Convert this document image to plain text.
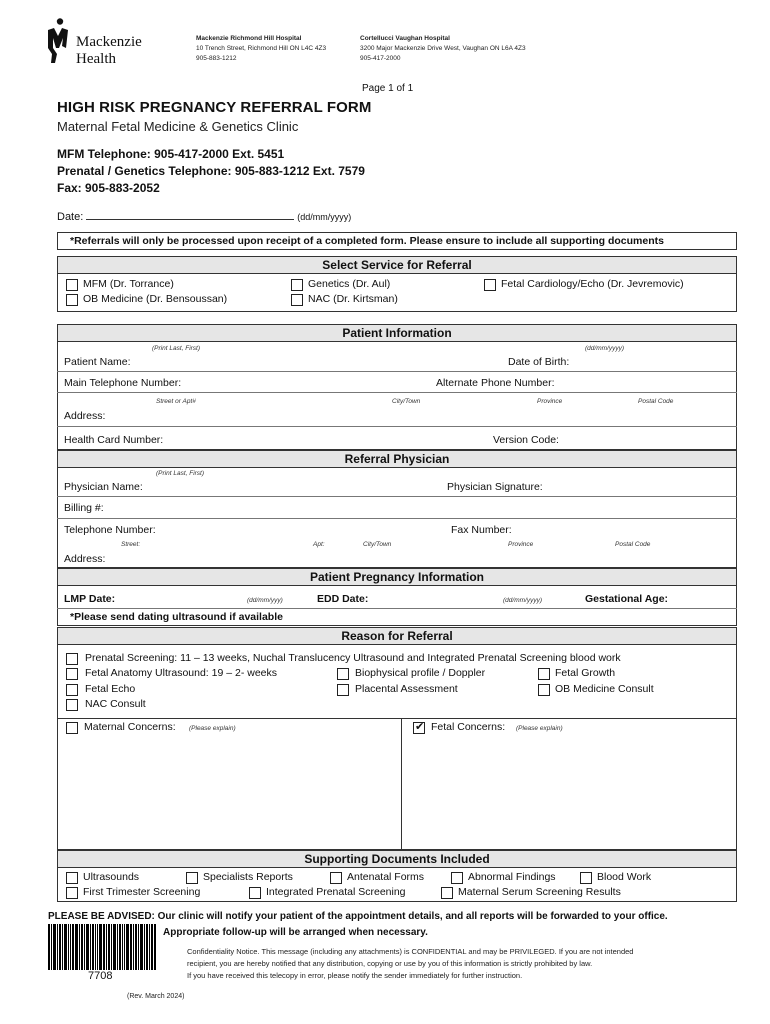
Mackenzie
Health
Mackenzie Richmond Hill Hospital
10 Trench Street, Richmond Hill ON L4C 4Z3
905-883-1212
Cortellucci Vaughan Hospital
3200 Major Mackenzie Drive West, Vaughan ON L6A 4Z3
905-417-2000
Page 1 of 1
HIGH RISK PREGNANCY REFERRAL FORM
Maternal Fetal Medicine & Genetics Clinic
MFM Telephone: 905-417-2000 Ext. 5451
Prenatal / Genetics Telephone: 905-883-1212 Ext. 7579
Fax: 905-883-2052
Date:	(dd/mm/yyyy)
*Referrals will only be processed upon receipt of a completed form. Please ensure to include all supporting documents
Select Service for Referral
MFM (Dr. Torrance)
OB Medicine (Dr. Bensoussan)
Genetics (Dr. Aul)
NAC (Dr. Kirtsman)
Fetal Cardiology/Echo (Dr. Jevremovic)
Patient Information
(Print Last, First)	(dd/mm/yyyy)
Patient Name:	Date of Birth:
Main Telephone Number:	Alternate Phone Number:
Street or Apt#	City/Town	Province	Postal Code
Address:
Health Card Number:	Version Code:
Referral Physician
(Print Last, First)
Physician Name:	Physician Signature:
Billing #:
Telephone Number:	Fax Number:
Street:	Apt:	City/Town	Province	Postal Code
Address:
Patient Pregnancy Information
LMP Date:	(dd/mm/yyy)	EDD Date:	(dd/mm/yyyy)	Gestational Age:
*Please send dating ultrasound if available
Reason for Referral
Prenatal Screening: 11 – 13 weeks, Nuchal Translucency Ultrasound and Integrated Prenatal Screening blood work
Fetal Anatomy Ultrasound: 19 – 2- weeks	Biophysical profile / Doppler	Fetal Growth
Fetal Echo	Placental Assessment	OB Medicine Consult
NAC Consult
Maternal Concerns: (Please explain)
✔	Fetal Concerns: (Please explain)
Supporting Documents Included
Ultrasounds	Specialists Reports	Antenatal Forms	Abnormal Findings	Blood Work
First Trimester Screening	Integrated Prenatal Screening	Maternal Serum Screening Results
PLEASE BE ADVISED: Our clinic will notify your patient of the appointment details, and all reports will be forwarded to your office.
Appropriate follow-up will be arranged when necessary.
7708
Confidentiality Notice. This message (including any attachments) is CONFIDENTIAL and may be PRIVILEGED. If you are not intended
recipient, you are hereby notified that any distribution, copying or use by you of this information is strictly prohibited by law.
If you have received this telecopy in error, please notify the sender immediately for further instruction.
(Rev. March 2024)
